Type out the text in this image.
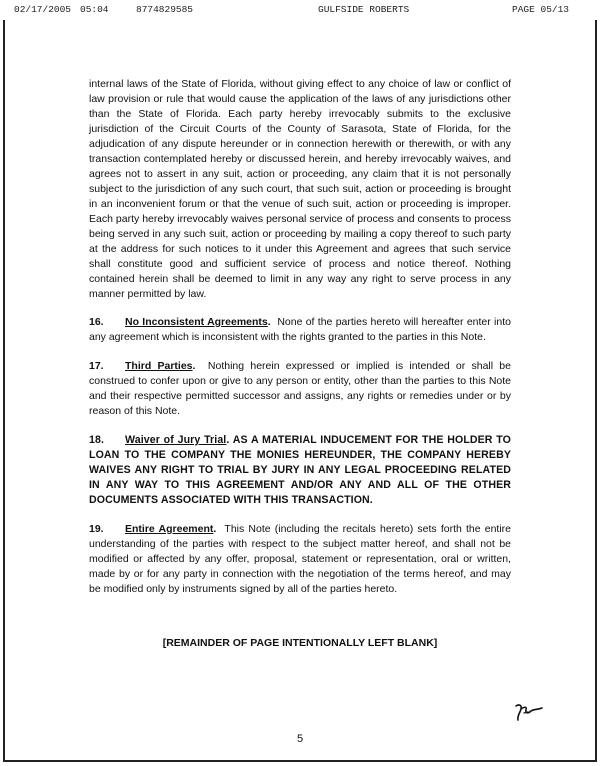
02/17/2005 05:04	8774829585	GULFSIDE ROBERTS	PAGE 05/13

internal laws of the State of Florida, without giving effect to any choice of law or conflict of law provision or rule that would cause the application of the laws of any jurisdictions other than the State of Florida. Each party hereby irrevocably submits to the exclusive jurisdiction of the Circuit Courts of the County of Sarasota, State of Florida, for the adjudication of any dispute hereunder or in connection herewith or therewith, or with any transaction contemplated hereby or discussed herein, and hereby irrevocably waives, and agrees not to assert in any suit, action or proceeding, any claim that it is not personally subject to the jurisdiction of any such court, that such suit, action or proceeding is brought in an inconvenient forum or that the venue of such suit, action or proceeding is improper. Each party hereby irrevocably waives personal service of process and consents to process being served in any such suit, action or proceeding by mailing a copy thereof to such party at the address for such notices to it under this Agreement and agrees that such service shall constitute good and sufficient service of process and notice thereof. Nothing contained herein shall be deemed to limit in any way any right to serve process in any manner permitted by law.

16. No Inconsistent Agreements. None of the parties hereto will hereafter enter into any agreement which is inconsistent with the rights granted to the parties in this Note.

17. Third Parties. Nothing herein expressed or implied is intended or shall be construed to confer upon or give to any person or entity, other than the parties to this Note and their respective permitted successor and assigns, any rights or remedies under or by reason of this Note.

18. Waiver of Jury Trial. AS A MATERIAL INDUCEMENT FOR THE HOLDER TO LOAN TO THE COMPANY THE MONIES HEREUNDER, THE COMPANY HEREBY WAIVES ANY RIGHT TO TRIAL BY JURY IN ANY LEGAL PROCEEDING RELATED IN ANY WAY TO THIS AGREEMENT AND/OR ANY AND ALL OF THE OTHER DOCUMENTS ASSOCIATED WITH THIS TRANSACTION.

19. Entire Agreement. This Note (including the recitals hereto) sets forth the entire understanding of the parties with respect to the subject matter hereof, and shall not be modified or affected by any offer, proposal, statement or representation, oral or written, made by or for any party in connection with the negotiation of the terms hereof, and may be modified only by instruments signed by all of the parties hereto.

[REMAINDER OF PAGE INTENTIONALLY LEFT BLANK]
5
